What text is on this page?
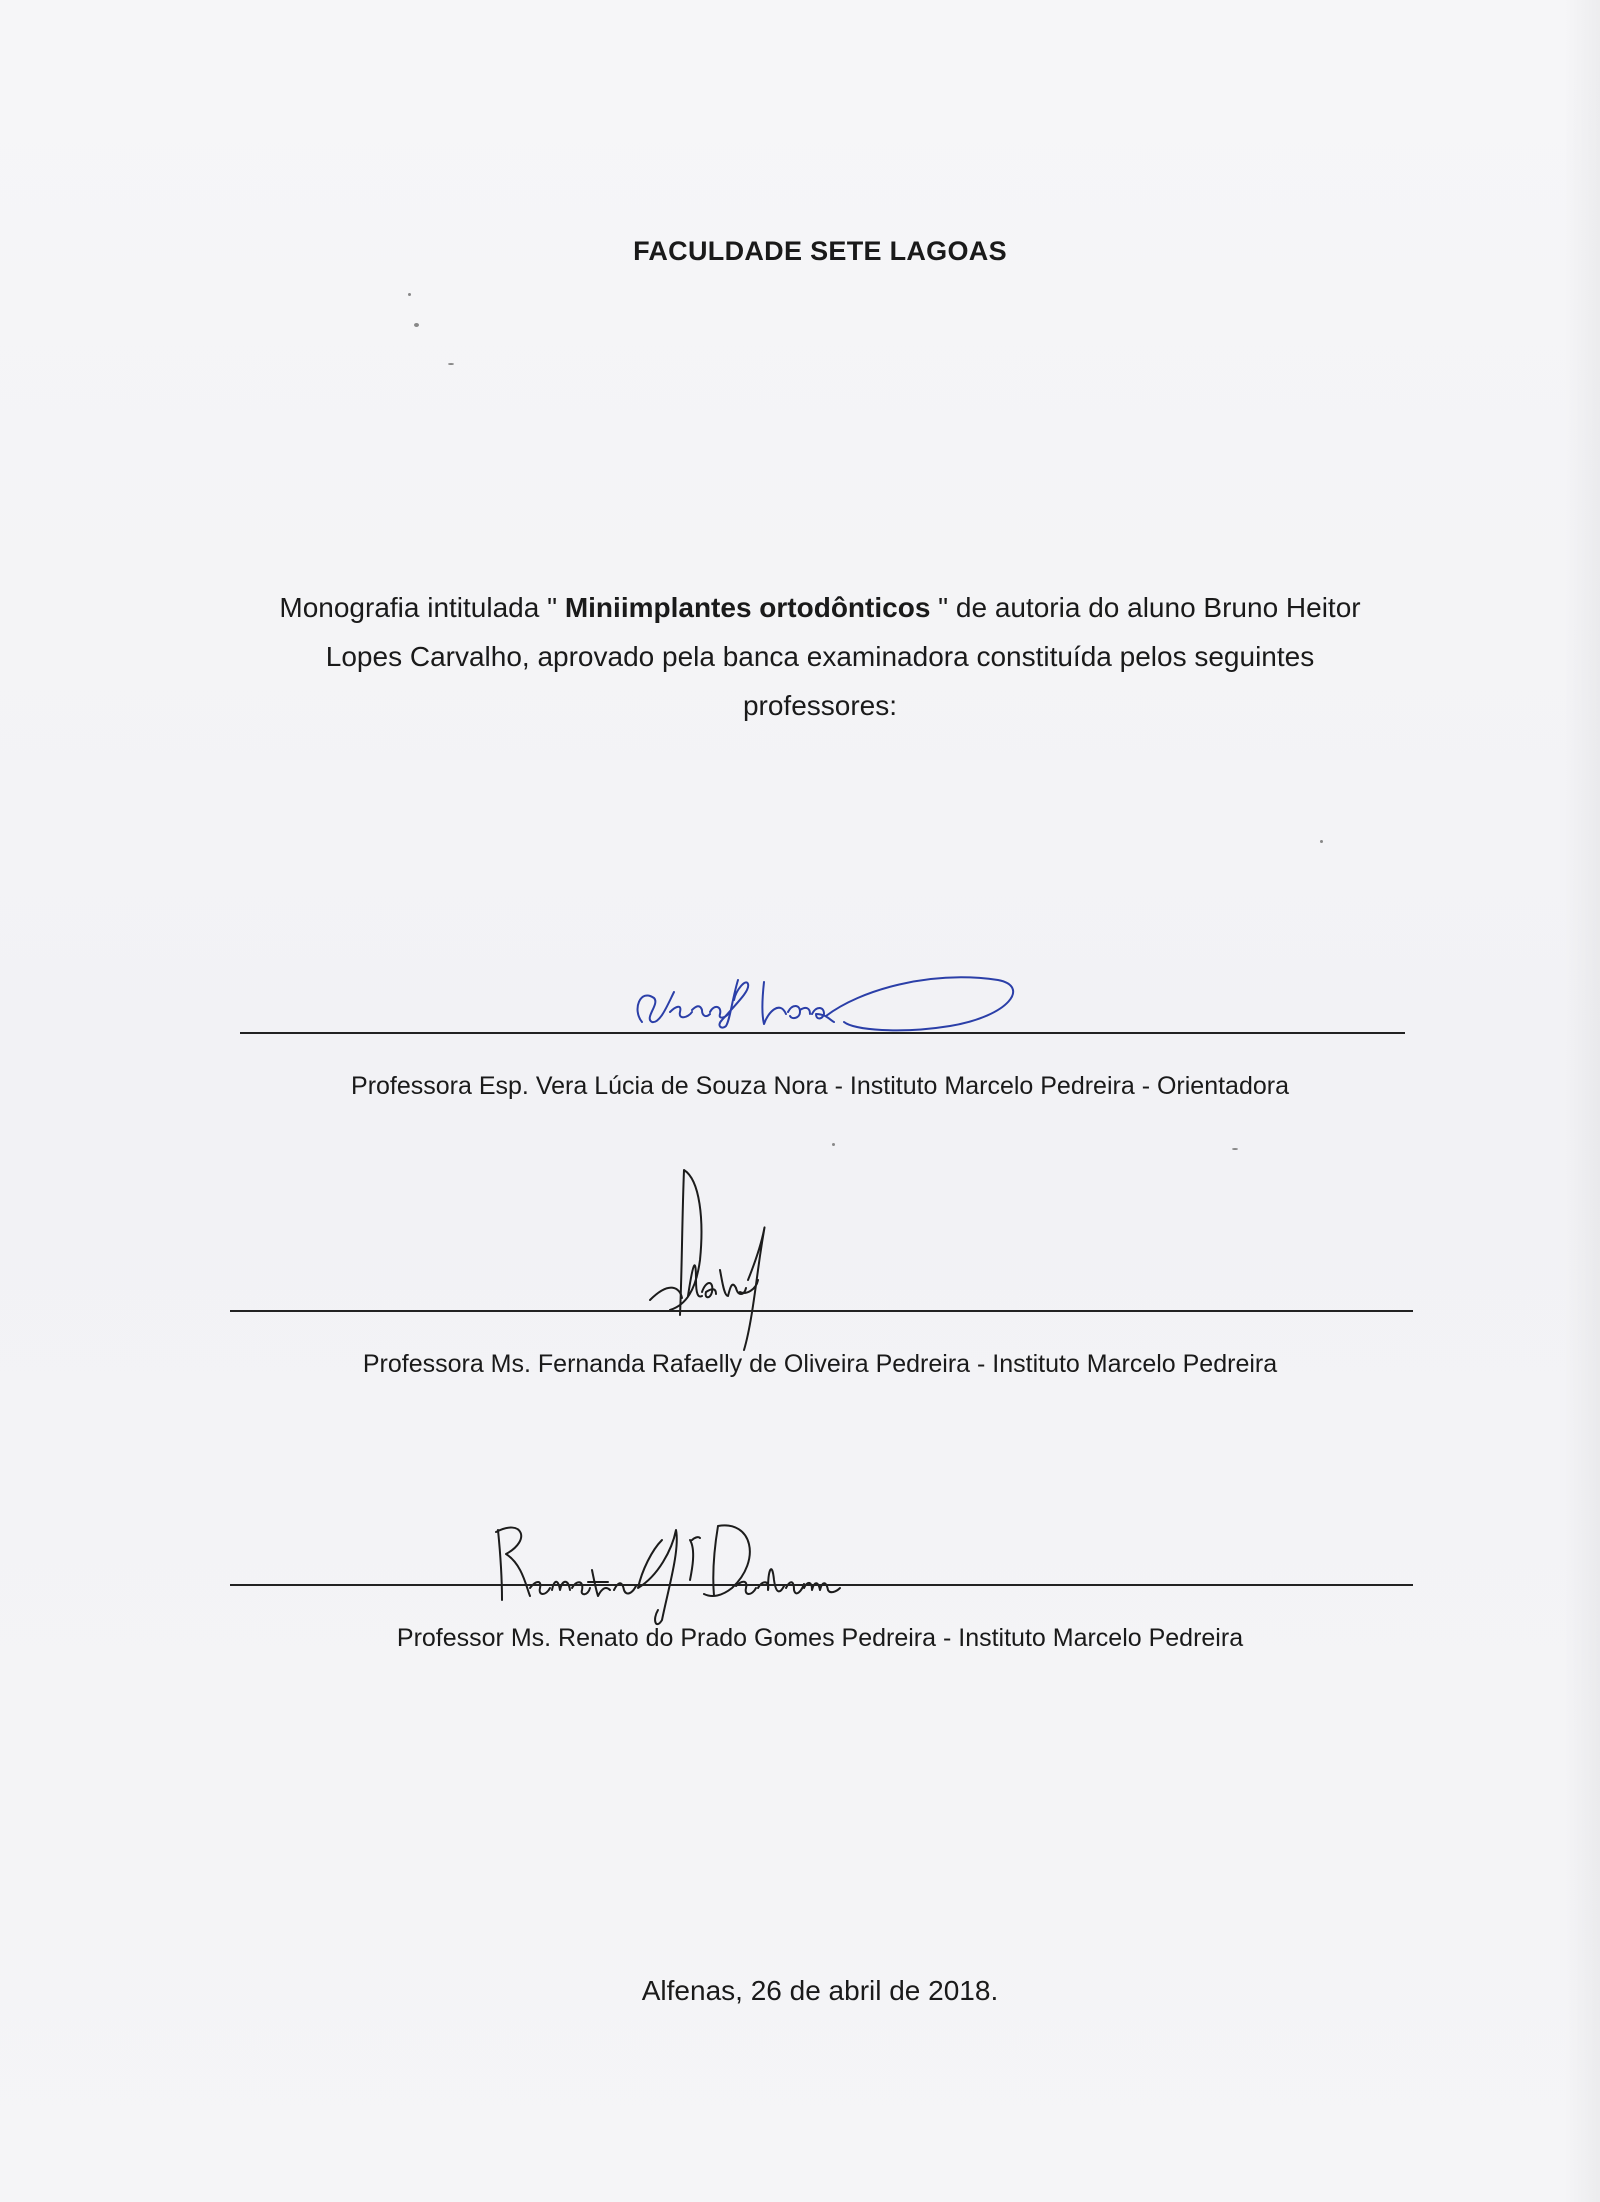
FACULDADE SETE LAGOAS
Monografia intitulada " Miniimplantes ortodônticos " de autoria do aluno Bruno Heitor Lopes Carvalho, aprovado pela banca examinadora constituída pelos seguintes professores:
Professora Esp. Vera Lúcia de Souza Nora - Instituto Marcelo Pedreira - Orientadora
Professora Ms. Fernanda Rafaelly de Oliveira Pedreira - Instituto Marcelo Pedreira
Professor Ms. Renato do Prado Gomes Pedreira - Instituto Marcelo Pedreira
Alfenas, 26 de abril de 2018.
